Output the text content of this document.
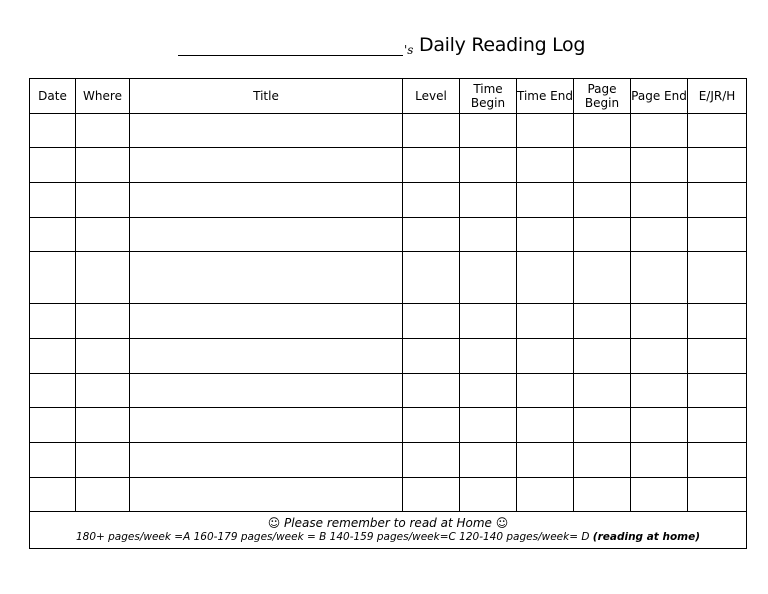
's Daily Reading Log
Date	Where	Title	Level	Time Begin	Time End	Page Begin	Page End	E/JR/H

☺ Please remember to read at Home ☺
180+ pages/week =A 160-179 pages/week = B 140-159 pages/week=C 120-140 pages/week= D (reading at home)								
